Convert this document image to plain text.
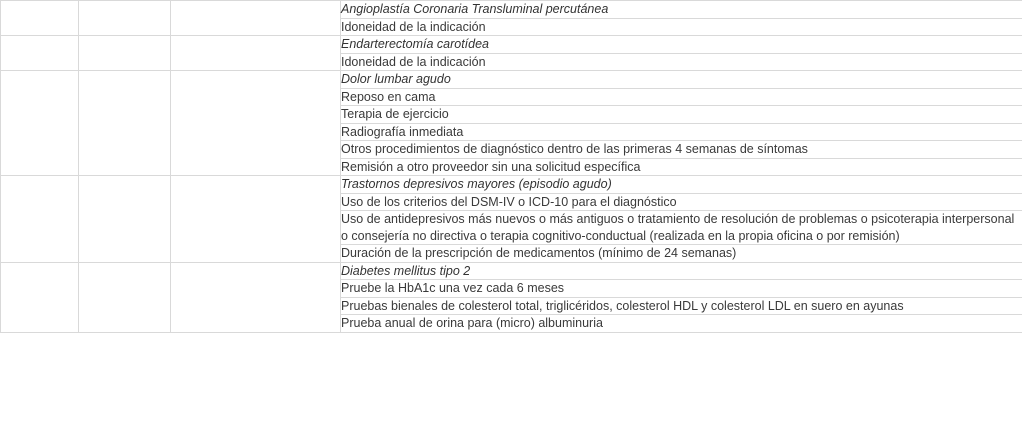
			Angioplastía Coronaria Transluminal percutánea
			Idoneidad de la indicación
			Endarterectomía carotídea
			Idoneidad de la indicación
			Dolor lumbar agudo
			Reposo en cama
			Terapia de ejercicio
			Radiografía inmediata
			Otros procedimientos de diagnóstico dentro de las primeras 4 semanas de síntomas
			Remisión a otro proveedor sin una solicitud específica
			Trastornos depresivos mayores (episodio agudo)
			Uso de los criterios del DSM-IV o ICD-10 para el diagnóstico
			Uso de antidepresivos más nuevos o más antiguos o tratamiento de resolución de problemas o psicoterapia interpersonal o consejería no directiva o terapia cognitivo-conductual (realizada en la propia oficina o por remisión)
			Duración de la prescripción de medicamentos (mínimo de 24 semanas)
			Diabetes mellitus tipo 2
			Pruebe la HbA1c una vez cada 6 meses
			Pruebas bienales de colesterol total, triglicéridos, colesterol HDL y colesterol LDL en suero en ayunas
			Prueba anual de orina para (micro) albuminuria
